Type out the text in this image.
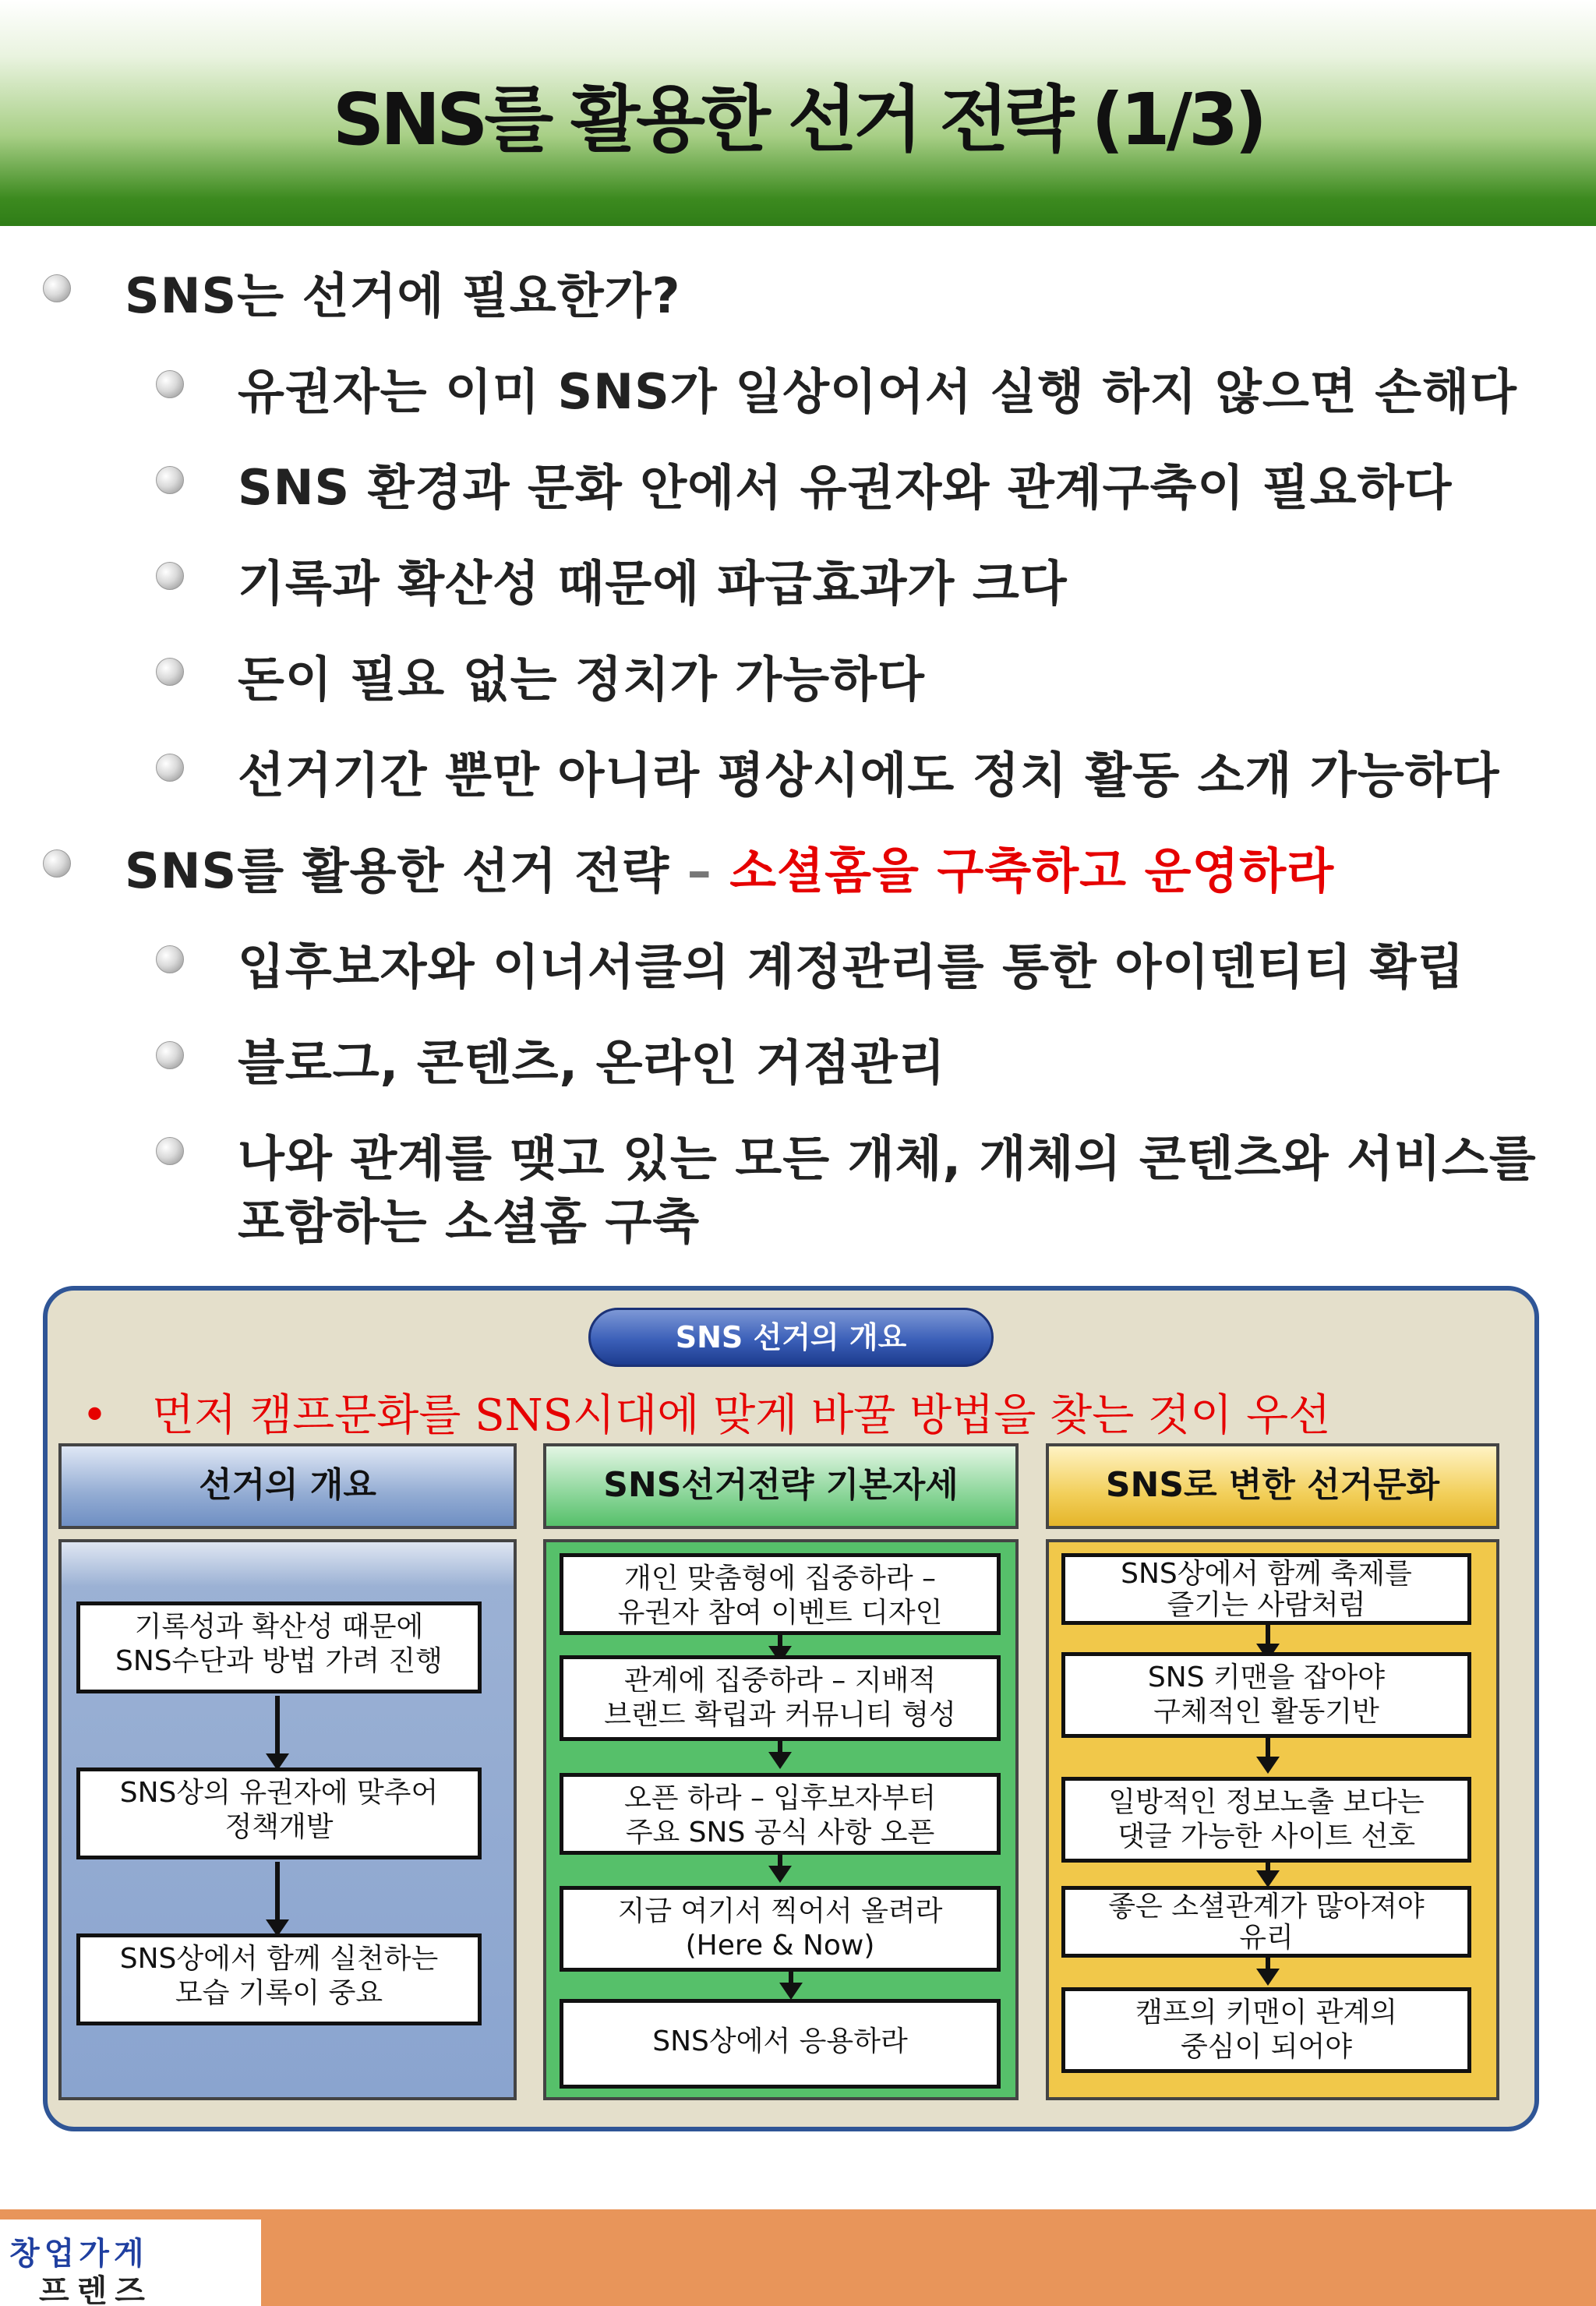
SNS를 활용한 선거 전략 (1/3)
SNS는 선거에 필요한가?
유권자는 이미 SNS가 일상이어서 실행 하지 않으면 손해다
SNS 환경과 문화 안에서 유권자와 관계구축이 필요하다
기록과 확산성 때문에 파급효과가 크다
돈이 필요 없는 정치가 가능하다
선거기간 뿐만 아니라 평상시에도 정치 활동 소개 가능하다
SNS를 활용한 선거 전략 – 소셜홈을 구축하고 운영하라
입후보자와 이너서클의 계정관리를 통한 아이덴티티 확립
블로그, 콘텐츠, 온라인 거점관리
나와 관계를 맺고 있는 모든 개체, 개체의 콘텐츠와 서비스를
포함하는 소셜홈 구축
SNS 선거의 개요
• 먼저 캠프문화를 SNS시대에 맞게 바꿀 방법을 찾는 것이 우선
선거의 개요	SNS선거전략 기본자세	SNS로 변한 선거문화
기록성과 확산성 때문에
SNS수단과 방법 가려 진행
SNS상의 유권자에 맞추어
정책개발
SNS상에서 함께 실천하는
모습 기록이 중요
개인 맞춤형에 집중하라 –
유권자 참여 이벤트 디자인
관계에 집중하라 – 지배적
브랜드 확립과 커뮤니티 형성
오픈 하라 – 입후보자부터
주요 SNS 공식 사항 오픈
지금 여기서 찍어서 올려라
(Here & Now)
SNS상에서 응용하라
SNS상에서 함께 축제를
즐기는 사람처럼
SNS 키맨을 잡아야
구체적인 활동기반
일방적인 정보노출 보다는
댓글 가능한 사이트 선호
좋은 소셜관계가 많아져야
유리
캠프의 키맨이 관계의
중심이 되어야
창업가게
프렌즈
